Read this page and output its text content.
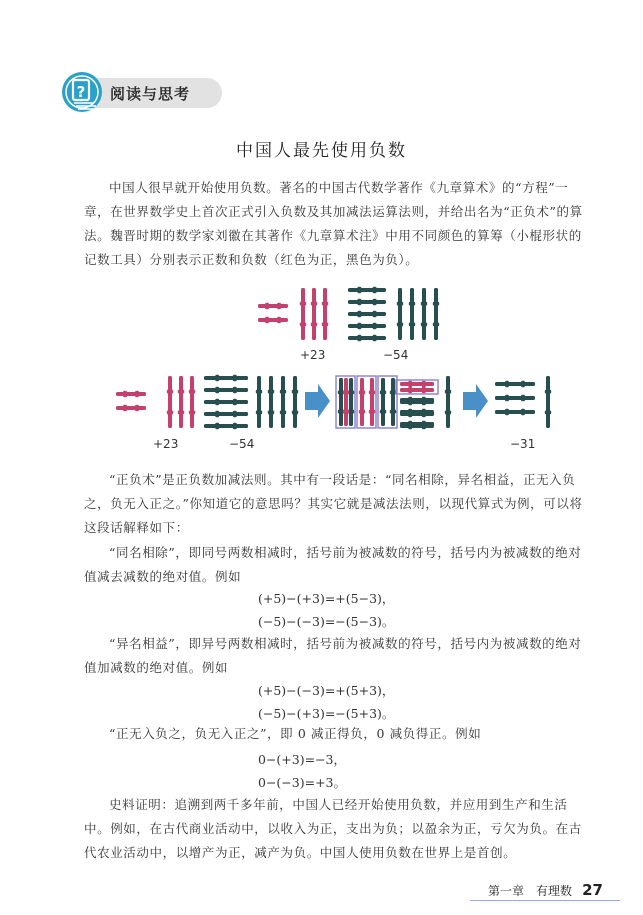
? 阅读与思考
中国人最先使用负数

中国人很早就开始使用负数。著名的中国古代数学著作《九章算术》的“方程”一章，在世界数学史上首次正式引入负数及其加减法运算法则，并给出名为“正负术”的算法。魏晋时期的数学家刘徽在其著作《九章算术注》中用不同颜色的算筹（小棍形状的记数工具）分别表示正数和负数（红色为正，黑色为负）。

+23	−54
+23	−54	−31

“正负术”是正负数加减法则。其中有一段话是：“同名相除，异名相益，正无入负之，负无入正之。”你知道它的意思吗？其实它就是减法法则，以现代算式为例，可以将这段话解释如下：

“同名相除”，即同号两数相减时，括号前为被减数的符号，括号内为被减数的绝对值减去减数的绝对值。例如

(+5)−(+3)=+(5−3)，
(−5)−(−3)=−(5−3)。

“异名相益”，即异号两数相减时，括号前为被减数的符号，括号内为被减数的绝对值加减数的绝对值。例如

(+5)−(−3)=+(5+3)，
(−5)−(+3)=−(5+3)。

“正无入负之，负无入正之”，即 0 减正得负，0 减负得正。例如

0−(+3)=−3，
0−(−3)=+3。

史料证明：追溯到两千多年前，中国人已经开始使用负数，并应用到生产和生活中。例如，在古代商业活动中，以收入为正，支出为负；以盈余为正，亏欠为负。在古代农业活动中，以增产为正，减产为负。中国人使用负数在世界上是首创。

第一章　有理数 27
